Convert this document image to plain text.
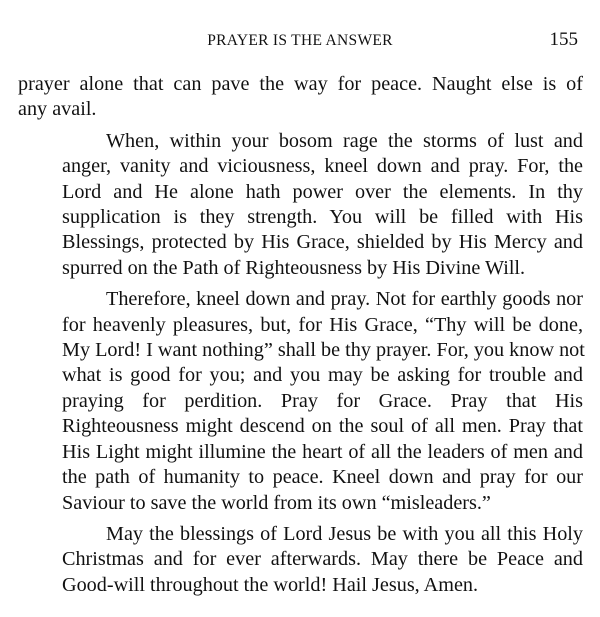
PRAYER IS THE ANSWER	155
prayer alone that can pave the way for peace. Naught else is of
any avail.
When, within your bosom rage the storms of lust and
anger, vanity and viciousness, kneel down and pray. For, the
Lord and He alone hath power over the elements. In thy
supplication is they strength. You will be filled with His
Blessings, protected by His Grace, shielded by His Mercy and
spurred on the Path of Righteousness by His Divine Will.
Therefore, kneel down and pray. Not for earthly goods nor
for heavenly pleasures, but, for His Grace, “Thy will be done,
My Lord! I want nothing” shall be thy prayer. For, you know not
what is good for you; and you may be asking for trouble and
praying for perdition. Pray for Grace. Pray that His
Righteousness might descend on the soul of all men. Pray that
His Light might illumine the heart of all the leaders of men and
the path of humanity to peace. Kneel down and pray for our
Saviour to save the world from its own “misleaders.”
May the blessings of Lord Jesus be with you all this Holy
Christmas and for ever afterwards. May there be Peace and
Good-will throughout the world! Hail Jesus, Amen.
